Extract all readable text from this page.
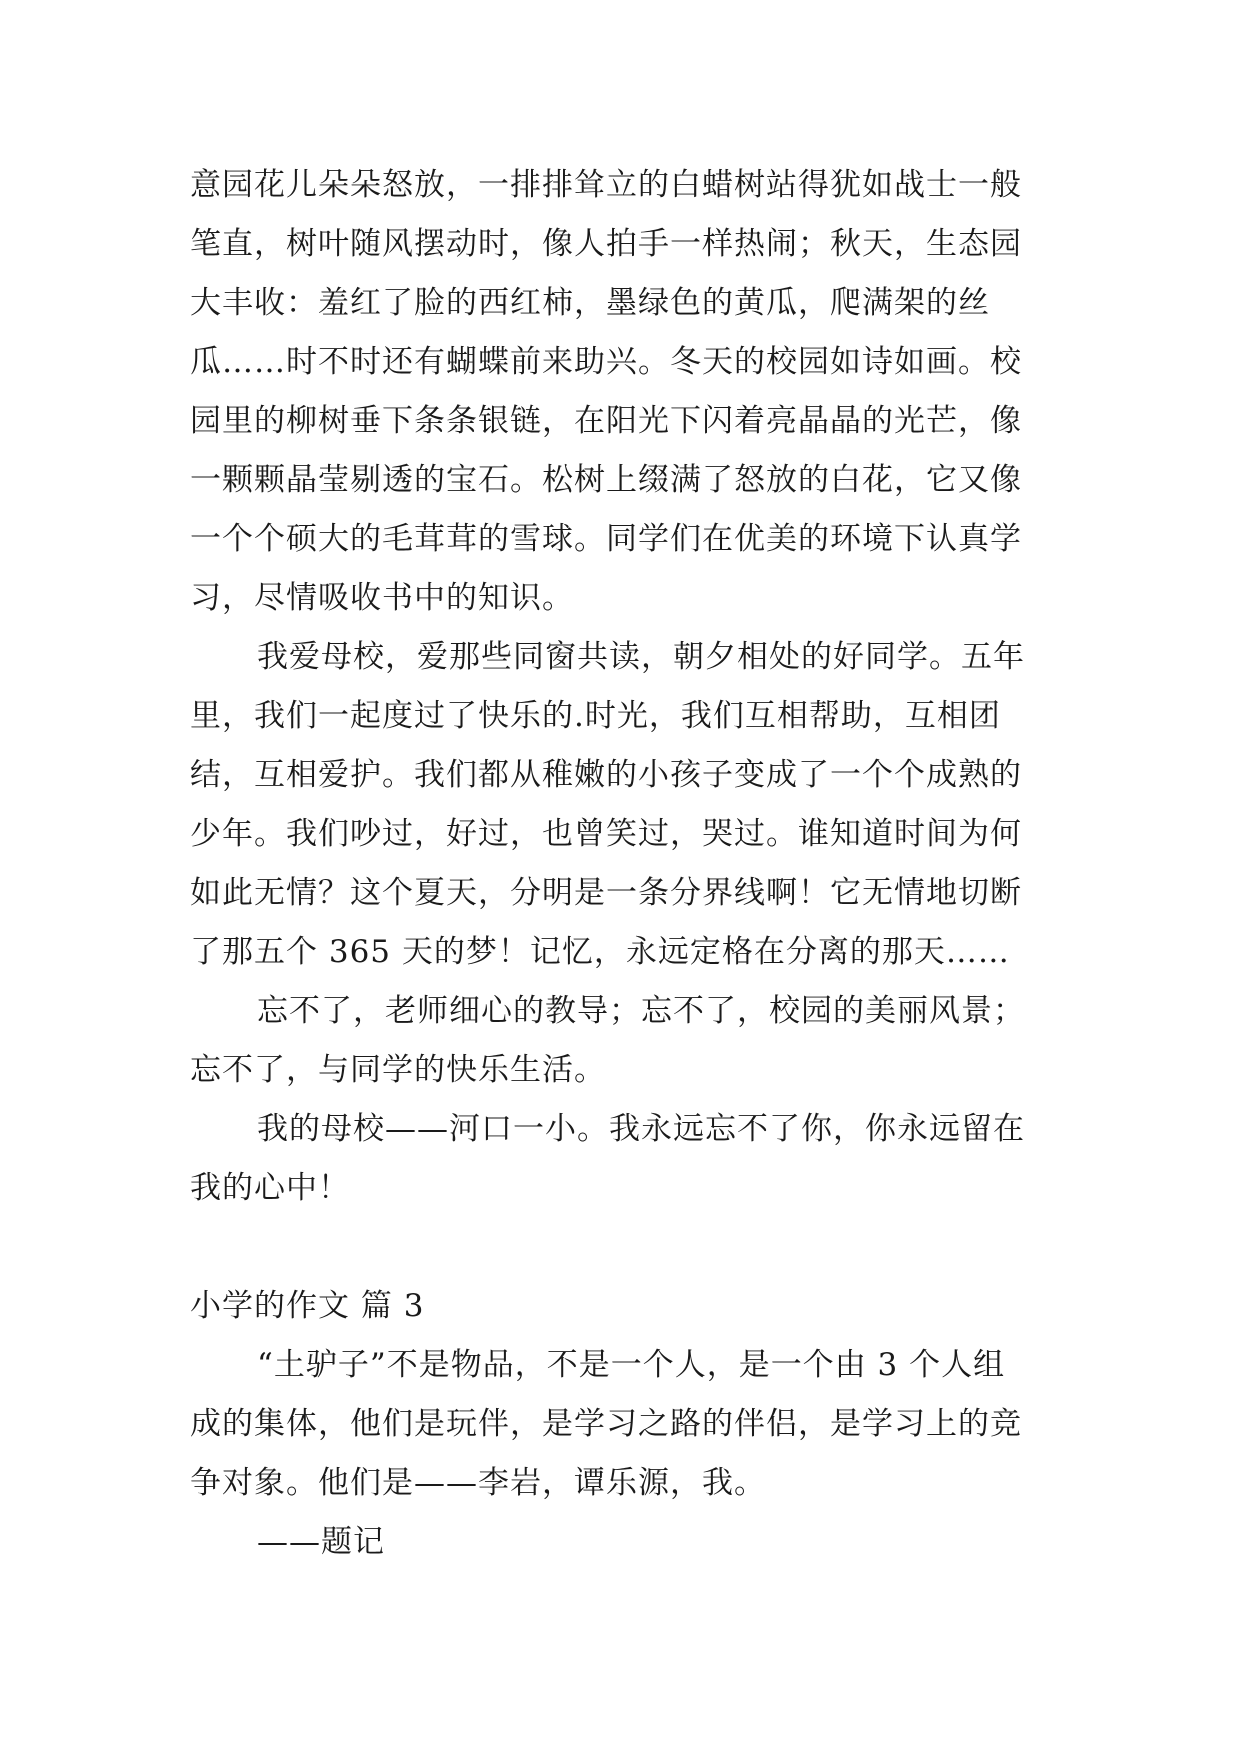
意园花儿朵朵怒放，一排排耸立的白蜡树站得犹如战士一般
笔直，树叶随风摆动时，像人拍手一样热闹；秋天，生态园
大丰收：羞红了脸的西红柿，墨绿色的黄瓜，爬满架的丝
瓜……时不时还有蝴蝶前来助兴。冬天的校园如诗如画。校
园里的柳树垂下条条银链，在阳光下闪着亮晶晶的光芒，像
一颗颗晶莹剔透的宝石。松树上缀满了怒放的白花，它又像
一个个硕大的毛茸茸的雪球。同学们在优美的环境下认真学
习，尽情吸收书中的知识。
我爱母校，爱那些同窗共读，朝夕相处的好同学。五年
里，我们一起度过了快乐的.时光，我们互相帮助，互相团
结，互相爱护。我们都从稚嫩的小孩子变成了一个个成熟的
少年。我们吵过，好过，也曾笑过，哭过。谁知道时间为何
如此无情？这个夏天，分明是一条分界线啊！它无情地切断
了那五个 365 天的梦！记忆，永远定格在分离的那天……
忘不了，老师细心的教导；忘不了，校园的美丽风景；
忘不了，与同学的快乐生活。
我的母校——河口一小。我永远忘不了你，你永远留在
我的心中！
小学的作文 篇 3
“土驴子”不是物品，不是一个人，是一个由 3 个人组
成的集体，他们是玩伴，是学习之路的伴侣，是学习上的竞
争对象。他们是——李岩，谭乐源，我。
——题记
